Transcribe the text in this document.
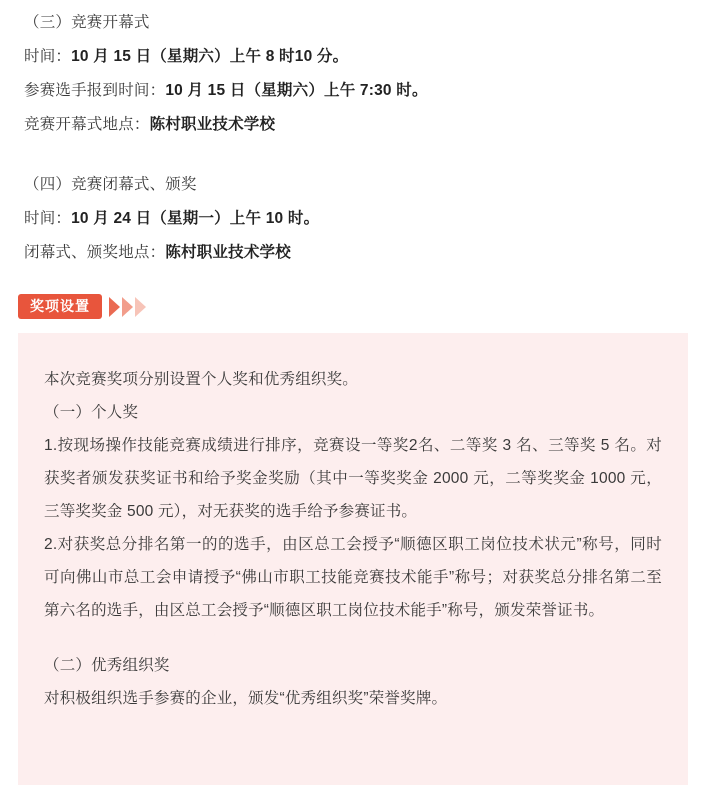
（三）竞赛开幕式
时间：10 月 15 日（星期六）上午 8 时10 分。
参赛选手报到时间：10 月 15 日（星期六）上午 7:30 时。
竞赛开幕式地点：陈村职业技术学校
（四）竞赛闭幕式、颁奖
时间：10 月 24 日（星期一）上午 10 时。
闭幕式、颁奖地点：陈村职业技术学校
奖项设置
本次竞赛奖项分别设置个人奖和优秀组织奖。
（一）个人奖
1.按现场操作技能竞赛成绩进行排序，竞赛设一等奖2名、二等奖 3 名、三等奖 5 名。对获奖者颁发获奖证书和给予奖金奖励（其中一等奖奖金 2000 元，二等奖奖金 1000 元，三等奖奖金 500 元），对无获奖的选手给予参赛证书。
2.对获奖总分排名第一的的选手，由区总工会授予“顺德区职工岗位技术状元”称号，同时可向佛山市总工会申请授予“佛山市职工技能竞赛技术能手”称号；对获奖总分排名第二至第六名的选手，由区总工会授予“顺德区职工岗位技术能手”称号，颁发荣誉证书。
（二）优秀组织奖
对积极组织选手参赛的企业，颁发“优秀组织奖”荣誉奖牌。
